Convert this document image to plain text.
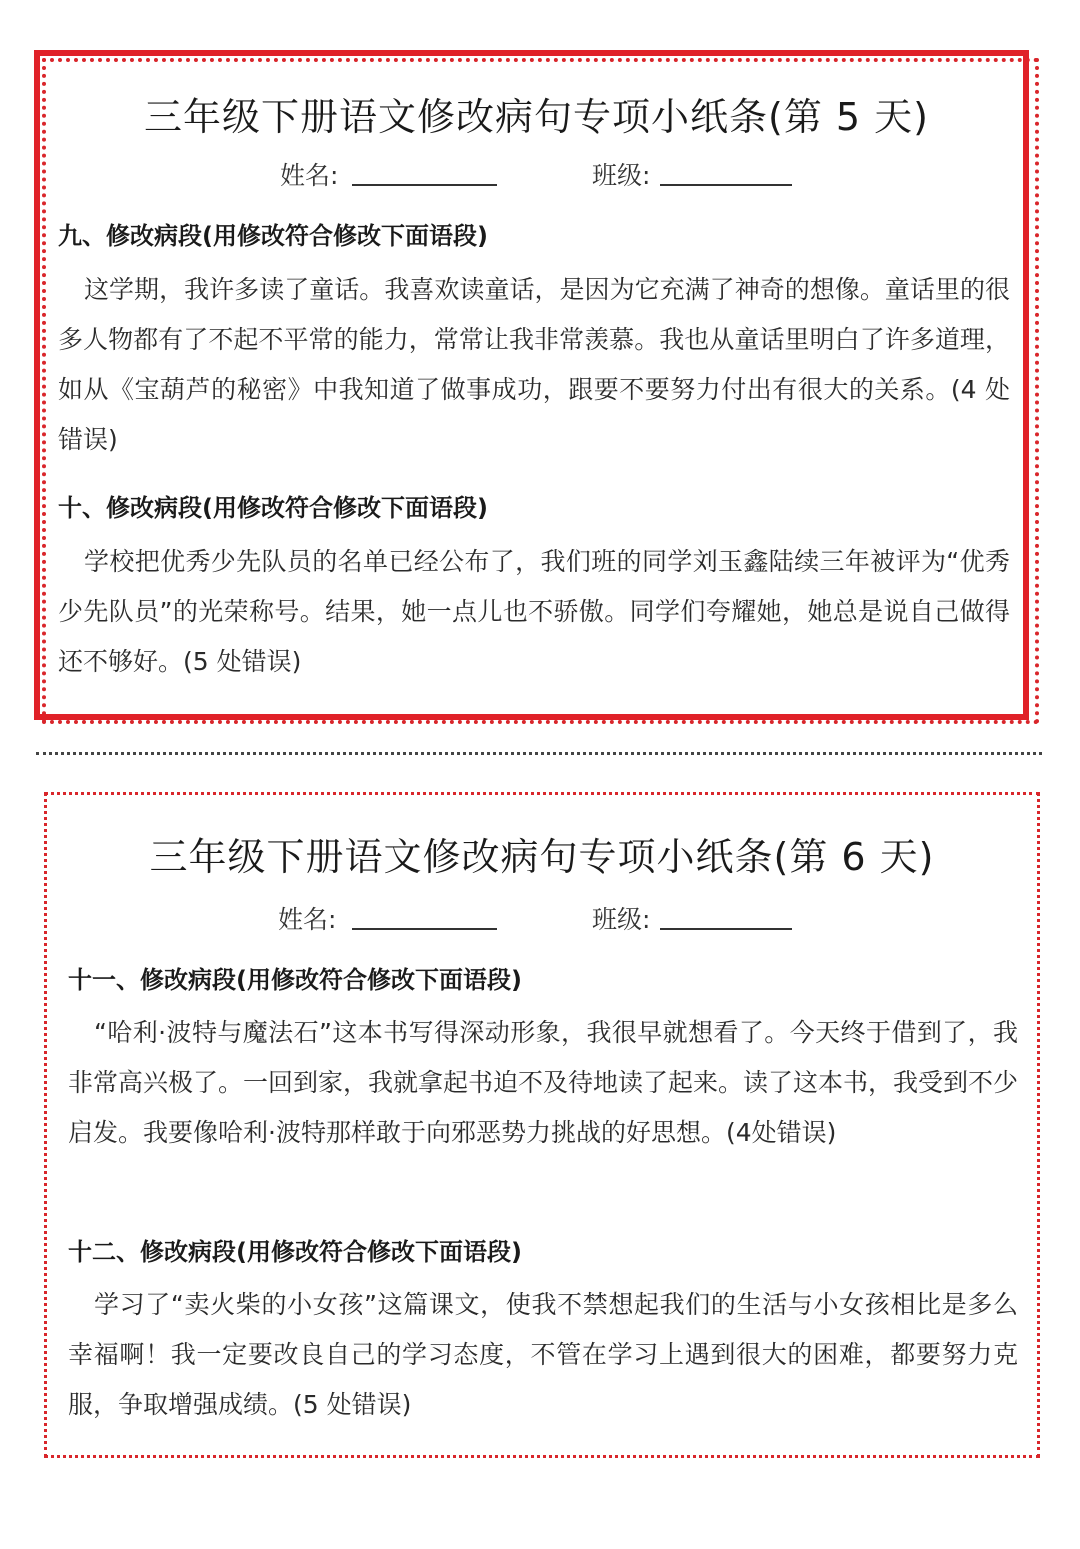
三年级下册语文修改病句专项小纸条(第 5 天)
姓名:	班级:
九、修改病段(用修改符合修改下面语段)
这学期，我许多读了童话。我喜欢读童话，是因为它充满了神奇的想像。童话里的很多人物都有了不起不平常的能力，常常让我非常羡慕。我也从童话里明白了许多道理，如从《宝葫芦的秘密》中我知道了做事成功，跟要不要努力付出有很大的关系。(4 处错误)
十、修改病段(用修改符合修改下面语段)
学校把优秀少先队员的名单已经公布了，我们班的同学刘玉鑫陆续三年被评为“优秀少先队员”的光荣称号。结果，她一点儿也不骄傲。同学们夸耀她，她总是说自己做得还不够好。(5 处错误)
三年级下册语文修改病句专项小纸条(第 6 天)
姓名:	班级:
十一、修改病段(用修改符合修改下面语段)
“哈利·波特与魔法石”这本书写得深动形象，我很早就想看了。今天终于借到了，我非常高兴极了。一回到家，我就拿起书迫不及待地读了起来。读了这本书，我受到不少启发。我要像哈利·波特那样敢于向邪恶势力挑战的好思想。(4处错误)
十二、修改病段(用修改符合修改下面语段)
学习了“卖火柴的小女孩”这篇课文，使我不禁想起我们的生活与小女孩相比是多么幸福啊！我一定要改良自己的学习态度，不管在学习上遇到很大的困难，都要努力克服，争取增强成绩。(5 处错误)
